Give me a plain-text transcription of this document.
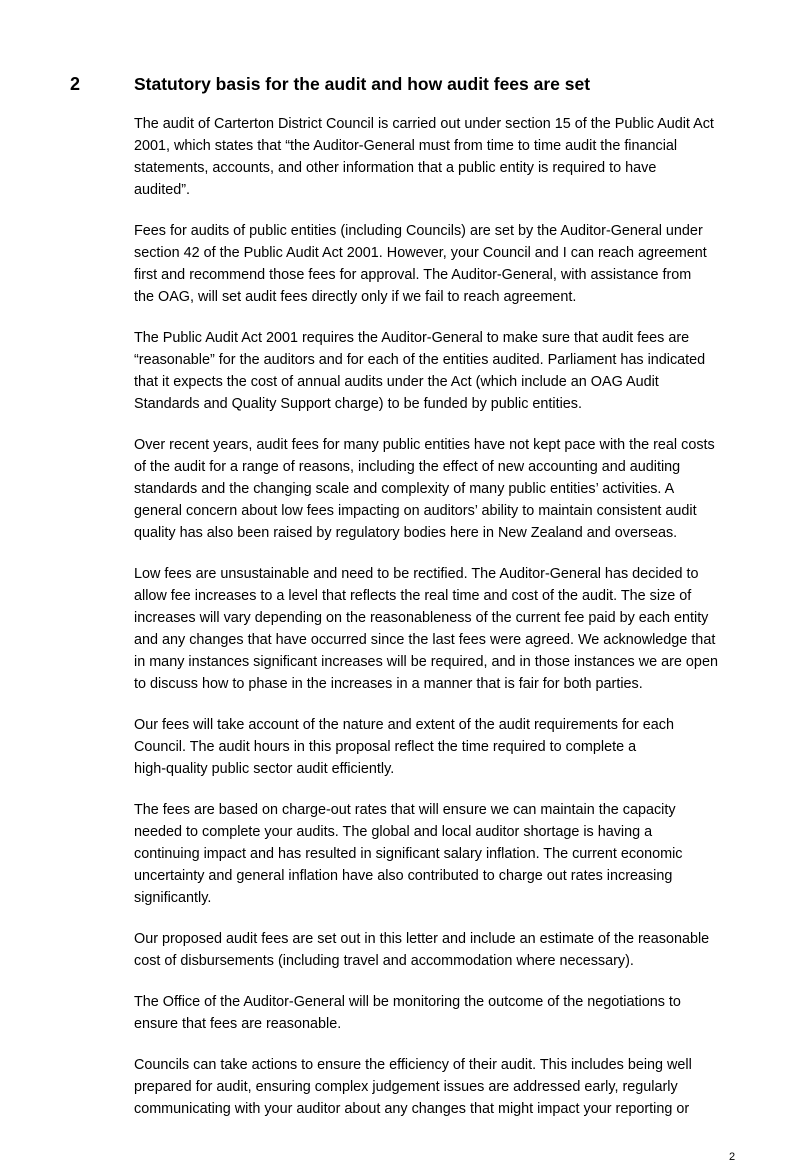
2	Statutory basis for the audit and how audit fees are set

The audit of Carterton District Council is carried out under section 15 of the Public Audit Act
2001, which states that “the Auditor-General must from time to time audit the financial
statements, accounts, and other information that a public entity is required to have
audited”.

Fees for audits of public entities (including Councils) are set by the Auditor-General under
section 42 of the Public Audit Act 2001. However, your Council and I can reach agreement
first and recommend those fees for approval. The Auditor-General, with assistance from
the OAG, will set audit fees directly only if we fail to reach agreement.

The Public Audit Act 2001 requires the Auditor-General to make sure that audit fees are
“reasonable” for the auditors and for each of the entities audited. Parliament has indicated
that it expects the cost of annual audits under the Act (which include an OAG Audit
Standards and Quality Support charge) to be funded by public entities.

Over recent years, audit fees for many public entities have not kept pace with the real costs
of the audit for a range of reasons, including the effect of new accounting and auditing
standards and the changing scale and complexity of many public entities’ activities. A
general concern about low fees impacting on auditors’ ability to maintain consistent audit
quality has also been raised by regulatory bodies here in New Zealand and overseas.

Low fees are unsustainable and need to be rectified. The Auditor-General has decided to
allow fee increases to a level that reflects the real time and cost of the audit. The size of
increases will vary depending on the reasonableness of the current fee paid by each entity
and any changes that have occurred since the last fees were agreed. We acknowledge that
in many instances significant increases will be required, and in those instances we are open
to discuss how to phase in the increases in a manner that is fair for both parties.

Our fees will take account of the nature and extent of the audit requirements for each
Council. The audit hours in this proposal reflect the time required to complete a
high-quality public sector audit efficiently.

The fees are based on charge-out rates that will ensure we can maintain the capacity
needed to complete your audits. The global and local auditor shortage is having a
continuing impact and has resulted in significant salary inflation. The current economic
uncertainty and general inflation have also contributed to charge out rates increasing
significantly.

Our proposed audit fees are set out in this letter and include an estimate of the reasonable
cost of disbursements (including travel and accommodation where necessary).

The Office of the Auditor-General will be monitoring the outcome of the negotiations to
ensure that fees are reasonable.

Councils can take actions to ensure the efficiency of their audit. This includes being well
prepared for audit, ensuring complex judgement issues are addressed early, regularly
communicating with your auditor about any changes that might impact your reporting or

2
